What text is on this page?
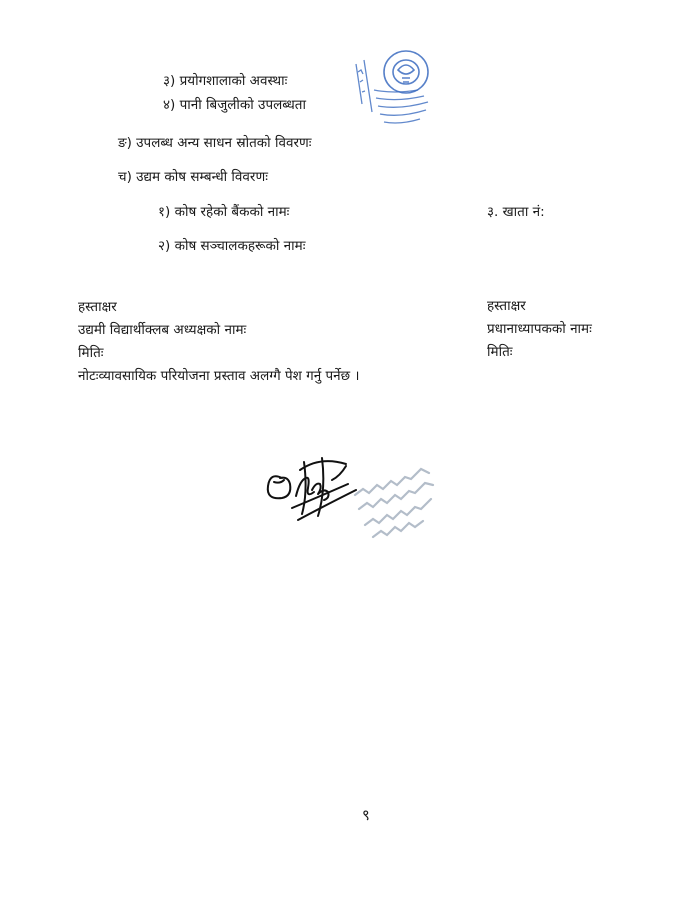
३) प्रयोगशालाको अवस्थाः
४) पानी बिजुलीको उपलब्धता
ङ) उपलब्ध अन्य साधन स्रोतको विवरणः
च) उद्यम कोष सम्बन्धी विवरणः
१) कोष रहेको बैंकको नामः	३. खाता नं:
२) कोष सञ्चालकहरूको नामः
हस्ताक्षर
उद्यमी विद्यार्थीक्लब अध्यक्षको नामः
मितिः
नोटःव्यावसायिक परियोजना प्रस्ताव अलग्गै पेश गर्नु पर्नेछ ।
हस्ताक्षर
प्रधानाध्यापकको नामः
मितिः
९
